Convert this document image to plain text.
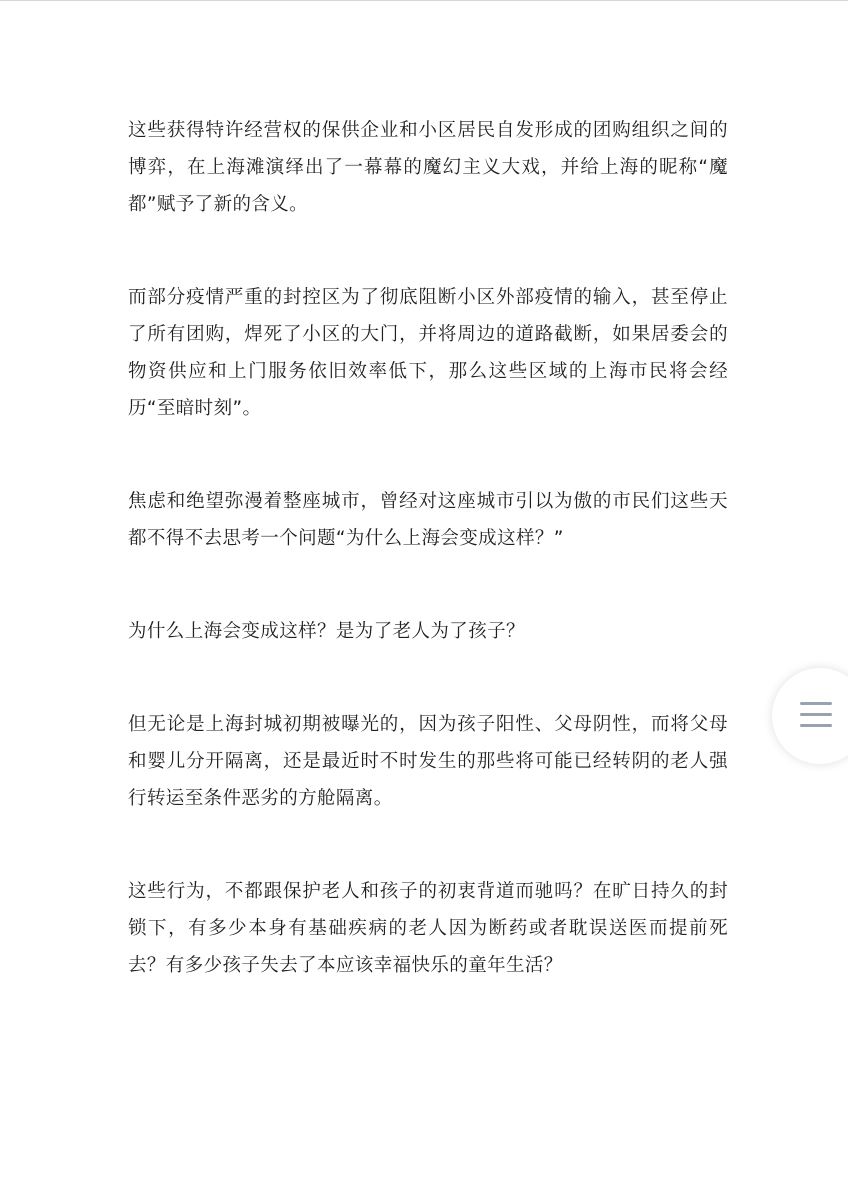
这些获得特许经营权的保供企业和小区居民自发形成的团购组织之间的博弈，在上海滩演绎出了一幕幕的魔幻主义大戏，并给上海的昵称“魔都”赋予了新的含义。

而部分疫情严重的封控区为了彻底阻断小区外部疫情的输入，甚至停止了所有团购，焊死了小区的大门，并将周边的道路截断，如果居委会的物资供应和上门服务依旧效率低下，那么这些区域的上海市民将会经历“至暗时刻”。

焦虑和绝望弥漫着整座城市，曾经对这座城市引以为傲的市民们这些天都不得不去思考一个问题“为什么上海会变成这样？”

为什么上海会变成这样？是为了老人为了孩子？

但无论是上海封城初期被曝光的，因为孩子阳性、父母阴性，而将父母和婴儿分开隔离，还是最近时不时发生的那些将可能已经转阴的老人强行转运至条件恶劣的方舱隔离。

这些行为，不都跟保护老人和孩子的初衷背道而驰吗？在旷日持久的封锁下，有多少本身有基础疾病的老人因为断药或者耽误送医而提前死去？有多少孩子失去了本应该幸福快乐的童年生活？
